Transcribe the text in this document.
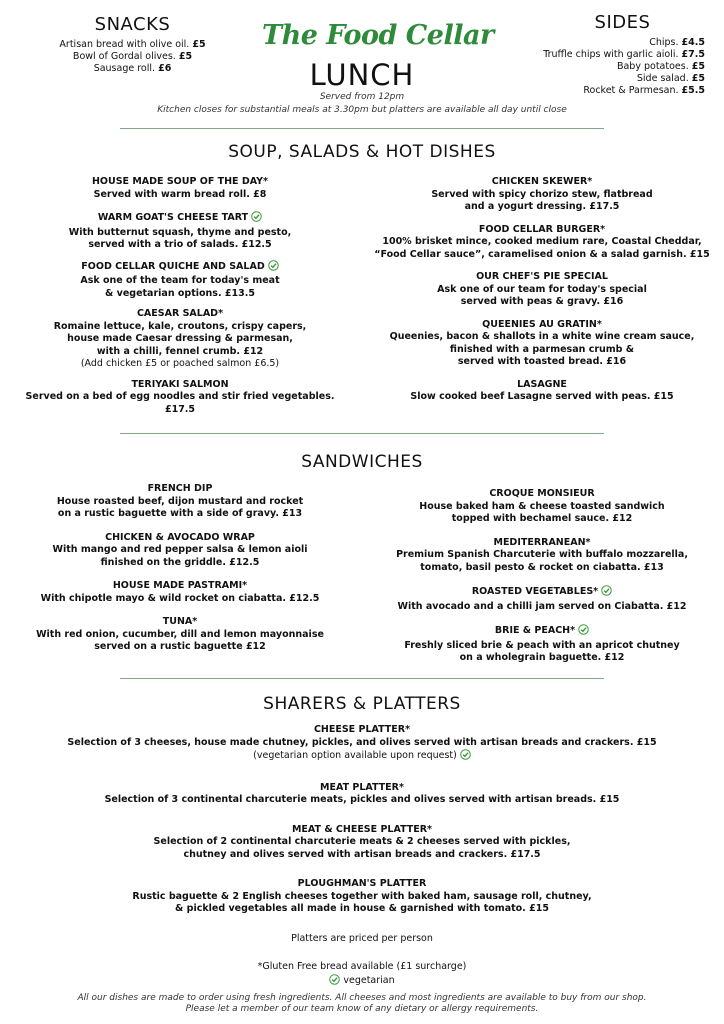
SNACKS
Artisan bread with olive oil. £5
Bowl of Gordal olives. £5
Sausage roll. £6
The Food Cellar
LUNCH
Served from 12pm
Kitchen closes for substantial meals at 3.30pm but platters are available all day until close
SIDES
Chips. £4.5
Truffle chips with garlic aioli. £7.5
Baby potatoes. £5
Side salad. £5
Rocket & Parmesan. £5.5
SOUP, SALADS & HOT DISHES
HOUSE MADE SOUP OF THE DAY*
Served with warm bread roll. £8
WARM GOAT'S CHEESE TART
With butternut squash, thyme and pesto,
served with a trio of salads. £12.5
FOOD CELLAR QUICHE AND SALAD
Ask one of the team for today's meat
& vegetarian options. £13.5
CAESAR SALAD*
Romaine lettuce, kale, croutons, crispy capers,
house made Caesar dressing & parmesan,
with a chilli, fennel crumb. £12
(Add chicken £5 or poached salmon £6.5)
TERIYAKI SALMON
Served on a bed of egg noodles and stir fried vegetables. £17.5
CHICKEN SKEWER*
Served with spicy chorizo stew, flatbread
and a yogurt dressing. £17.5
FOOD CELLAR BURGER*
100% brisket mince, cooked medium rare, Coastal Cheddar,
“Food Cellar sauce”, caramelised onion & a salad garnish. £15
OUR CHEF'S PIE SPECIAL
Ask one of our team for today's special
served with peas & gravy. £16
QUEENIES AU GRATIN*
Queenies, bacon & shallots in a white wine cream sauce,
finished with a parmesan crumb &
served with toasted bread. £16
LASAGNE
Slow cooked beef Lasagne served with peas. £15
SANDWICHES
FRENCH DIP
House roasted beef, dijon mustard and rocket
on a rustic baguette with a side of gravy. £13
CHICKEN & AVOCADO WRAP
With mango and red pepper salsa & lemon aioli
finished on the griddle. £12.5
HOUSE MADE PASTRAMI*
With chipotle mayo & wild rocket on ciabatta. £12.5
TUNA*
With red onion, cucumber, dill and lemon mayonnaise
served on a rustic baguette £12
CROQUE MONSIEUR
House baked ham & cheese toasted sandwich
topped with bechamel sauce. £12
MEDITERRANEAN*
Premium Spanish Charcuterie with buffalo mozzarella,
tomato, basil pesto & rocket on ciabatta. £13
ROASTED VEGETABLES*
With avocado and a chilli jam served on Ciabatta. £12
BRIE & PEACH*
Freshly sliced brie & peach with an apricot chutney
on a wholegrain baguette. £12
SHARERS & PLATTERS
CHEESE PLATTER*
Selection of 3 cheeses, house made chutney, pickles, and olives served with artisan breads and crackers. £15
(vegetarian option available upon request)
MEAT PLATTER*
Selection of 3 continental charcuterie meats, pickles and olives served with artisan breads. £15
MEAT & CHEESE PLATTER*
Selection of 2 continental charcuterie meats & 2 cheeses served with pickles,
chutney and olives served with artisan breads and crackers. £17.5
PLOUGHMAN'S PLATTER
Rustic baguette & 2 English cheeses together with baked ham, sausage roll, chutney,
& pickled vegetables all made in house & garnished with tomato. £15
Platters are priced per person
*Gluten Free bread available (£1 surcharge)
vegetarian
All our dishes are made to order using fresh ingredients. All cheeses and most ingredients are available to buy from our shop.
Please let a member of our team know of any dietary or allergy requirements.
